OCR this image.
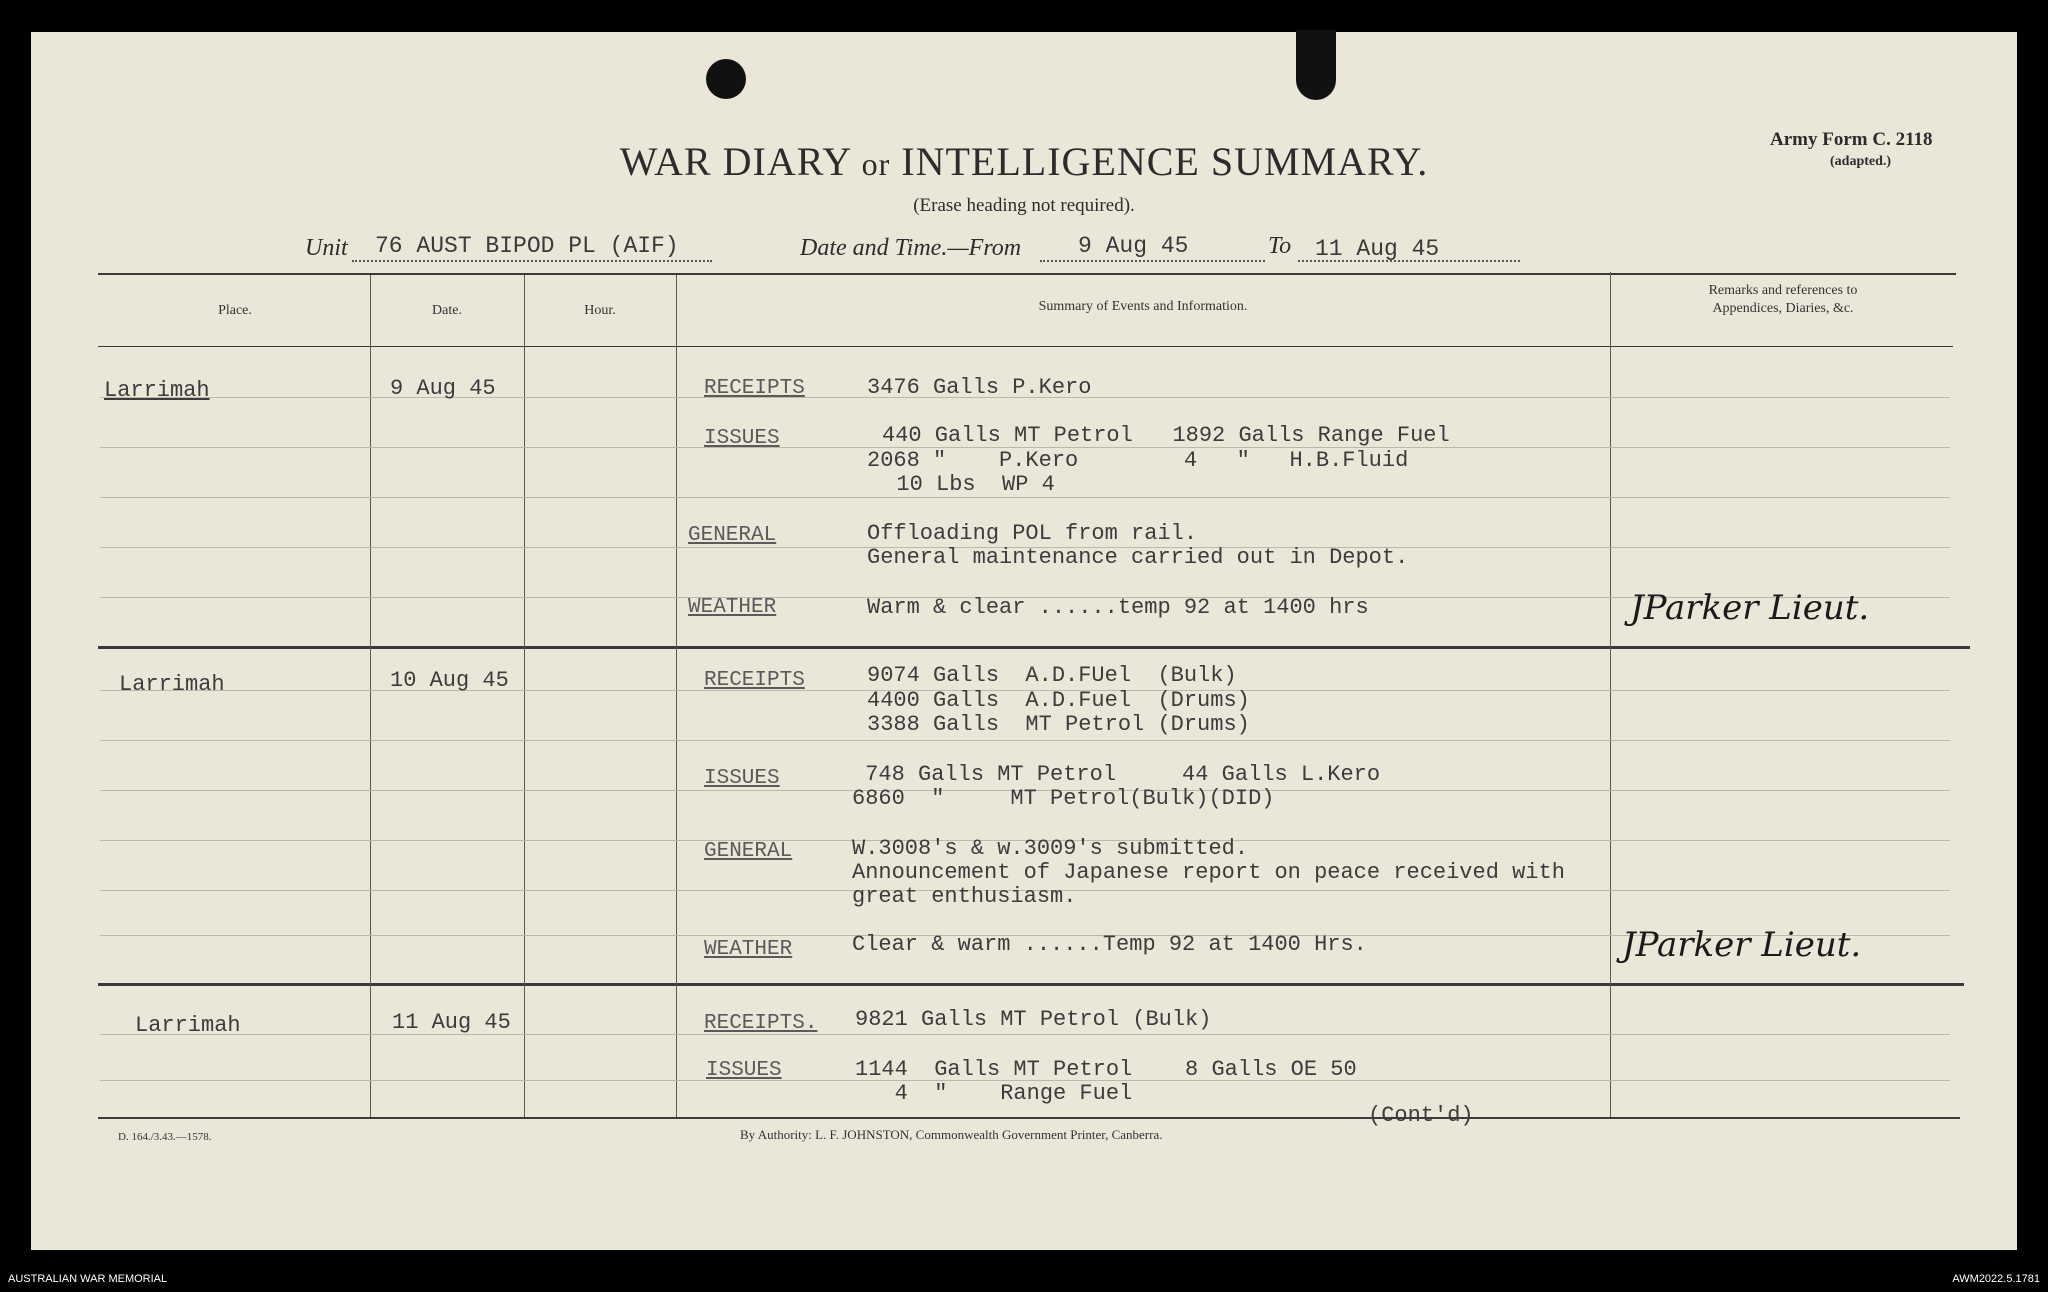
WAR DIARY or INTELLIGENCE SUMMARY.
(Erase heading not required).
Army Form C. 2118
(adapted.)
Unit 76 AUST BIPOD PL (AIF)	Date and Time.—From 9 Aug 45	To 11 Aug 45
Place.	Date.	Hour.	Summary of Events and Information.
Remarks and references to
Appendices, Diaries, &c.
Larrimah	9 Aug 45	RECEIPTS	3476 Galls P.Kero
ISSUES	440 Galls MT Petrol   1892 Galls Range Fuel
2068 "    P.Kero        4   "   H.B.Fluid
10 Lbs  WP 4
GENERAL	Offloading POL from rail.
General maintenance carried out in Depot.
WEATHER	Warm & clear ......temp 92 at 1400 hrs	JParker Lieut.
Larrimah	10 Aug 45	RECEIPTS	9074 Galls  A.D.FUel  (Bulk)
4400 Galls  A.D.Fuel  (Drums)
3388 Galls  MT Petrol (Drums)
ISSUES	748 Galls MT Petrol     44 Galls L.Kero
6860  "     MT Petrol(Bulk)(DID)
GENERAL	W.3008's & w.3009's submitted.
Announcement of Japanese report on peace received with
great enthusiasm.
WEATHER	Clear & warm ......Temp 92 at 1400 Hrs.	JParker Lieut.
Larrimah	11 Aug 45	RECEIPTS. 9821 Galls MT Petrol (Bulk)
ISSUES	1144  Galls MT Petrol    8 Galls OE 50
4  "    Range Fuel
(Cont'd)
D. 164./3.43.—1578.	By Authority: L. F. JOHNSTON, Commonwealth Government Printer, Canberra.
AUSTRALIAN WAR MEMORIAL	AWM2022.5.1781
